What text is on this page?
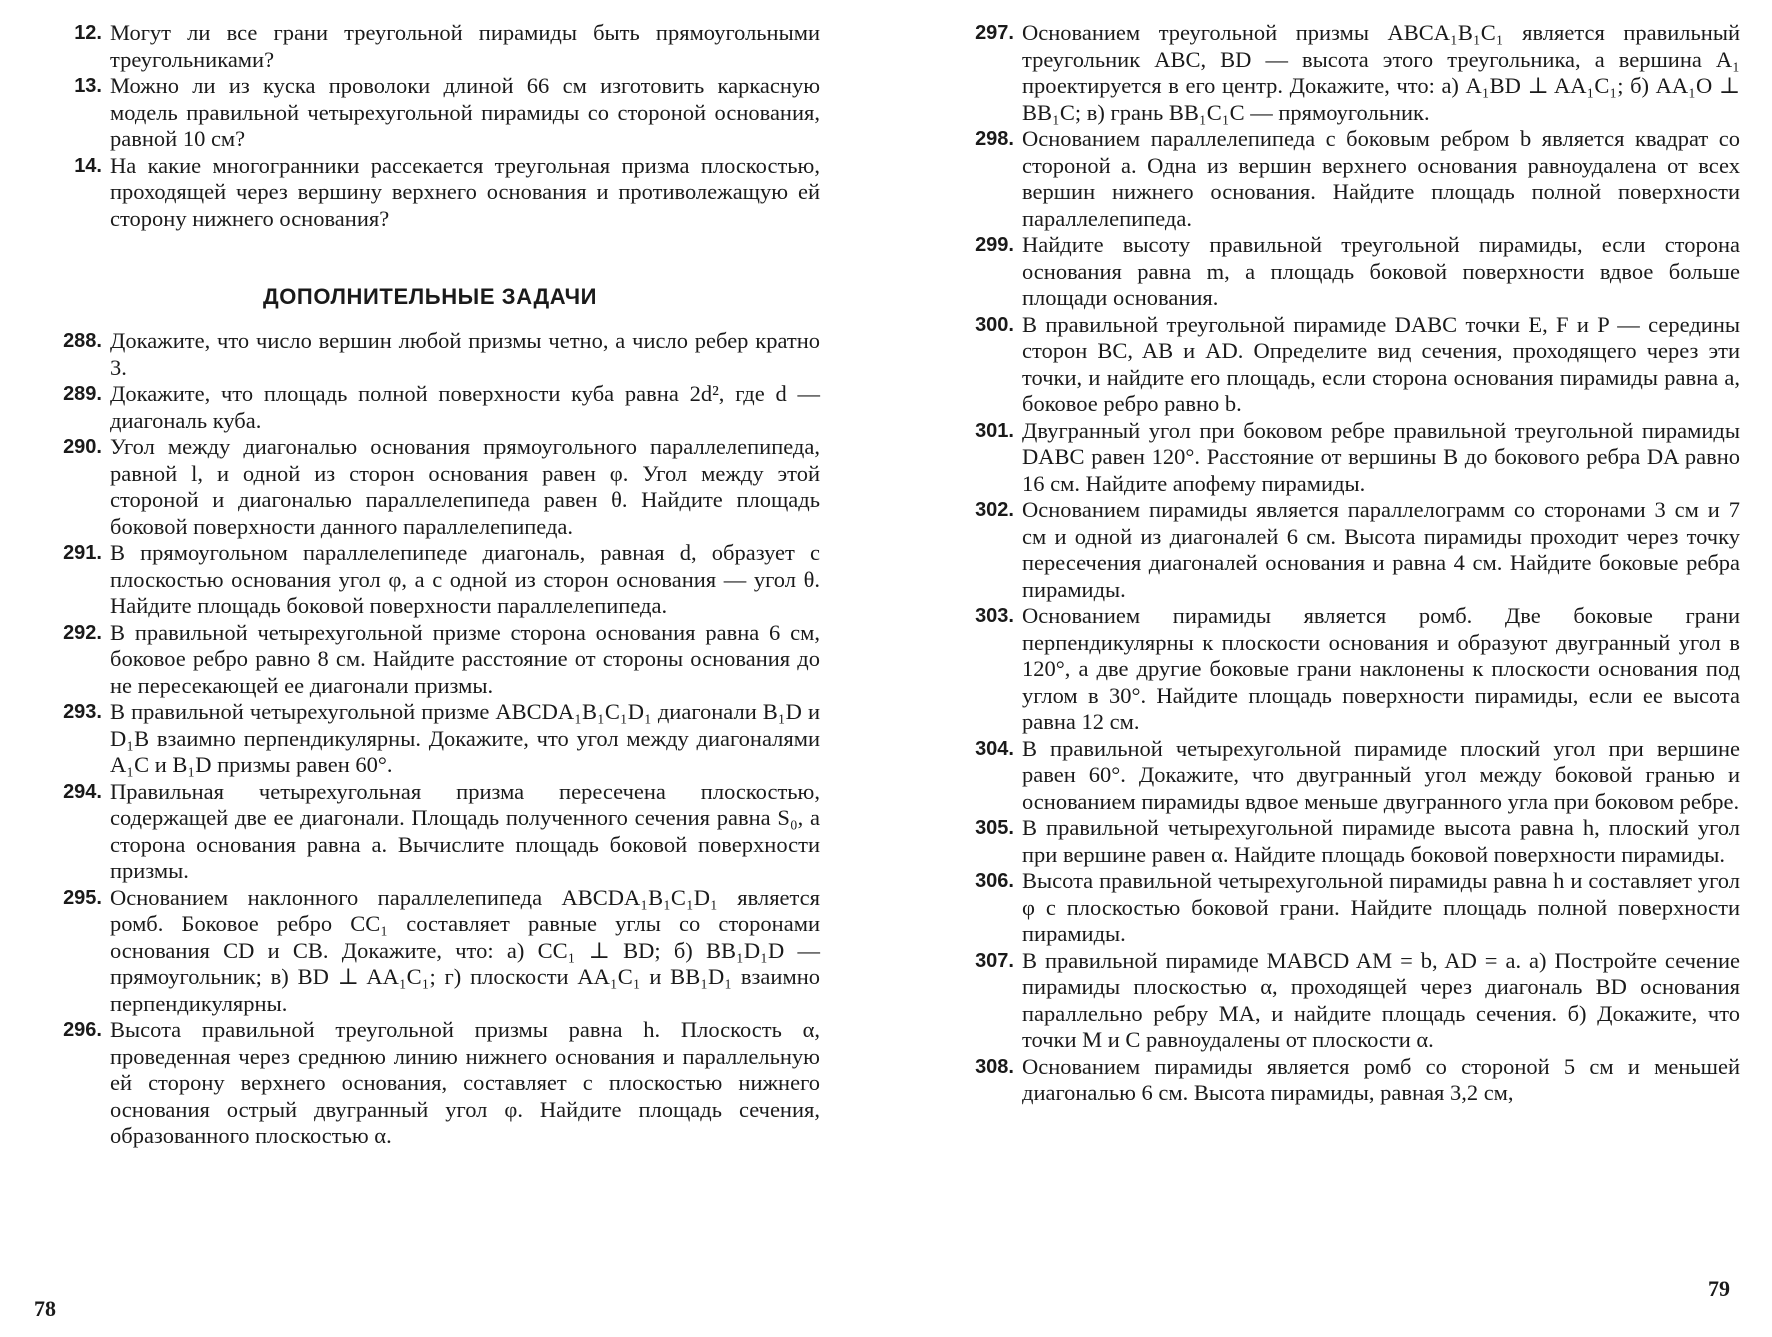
12. Могут ли все грани треугольной пирамиды быть прямоугольными треугольниками?
13. Можно ли из куска проволоки длиной 66 см изготовить каркасную модель правильной четырехугольной пирамиды со стороной основания, равной 10 см?
14. На какие многогранники рассекается треугольная призма плоскостью, проходящей через вершину верхнего основания и противолежащую ей сторону нижнего основания?
ДОПОЛНИТЕЛЬНЫЕ ЗАДАЧИ
288. Докажите, что число вершин любой призмы четно, а число ребер кратно 3.
289. Докажите, что площадь полной поверхности куба равна 2d², где d — диагональ куба.
290. Угол между диагональю основания прямоугольного параллелепипеда, равной l, и одной из сторон основания равен φ. Угол между этой стороной и диагональю параллелепипеда равен θ. Найдите площадь боковой поверхности данного параллелепипеда.
291. В прямоугольном параллелепипеде диагональ, равная d, образует с плоскостью основания угол φ, а с одной из сторон основания — угол θ. Найдите площадь боковой поверхности параллелепипеда.
292. В правильной четырехугольной призме сторона основания равна 6 см, боковое ребро равно 8 см. Найдите расстояние от стороны основания до не пересекающей ее диагонали призмы.
293. В правильной четырехугольной призме ABCDA₁B₁C₁D₁ диагонали B₁D и D₁B взаимно перпендикулярны. Докажите, что угол между диагоналями A₁C и B₁D призмы равен 60°.
294. Правильная четырехугольная призма пересечена плоскостью, содержащей две ее диагонали. Площадь полученного сечения равна S₀, а сторона основания равна a. Вычислите площадь боковой поверхности призмы.
295. Основанием наклонного параллелепипеда ABCDA₁B₁C₁D₁ является ромб. Боковое ребро CC₁ составляет равные углы со сторонами основания CD и CB. Докажите, что: а) CC₁ ⊥ BD; б) BB₁D₁D — прямоугольник; в) BD ⊥ AA₁C₁; г) плоскости AA₁C₁ и BB₁D₁ взаимно перпендикулярны.
296. Высота правильной треугольной призмы равна h. Плоскость α, проведенная через среднюю линию нижнего основания и параллельную ей сторону верхнего основания, составляет с плоскостью нижнего основания острый двугранный угол φ. Найдите площадь сечения, образованного плоскостью α.
78
297. Основанием треугольной призмы ABCA₁B₁C₁ является правильный треугольник ABC, BD — высота этого треугольника, а вершина A₁ проектируется в его центр. Докажите, что: а) A₁BD ⊥ AA₁C₁; б) AA₁O ⊥ BB₁C; в) грань BB₁C₁C — прямоугольник.
298. Основанием параллелепипеда с боковым ребром b является квадрат со стороной a. Одна из вершин верхнего основания равноудалена от всех вершин нижнего основания. Найдите площадь полной поверхности параллелепипеда.
299. Найдите высоту правильной треугольной пирамиды, если сторона основания равна m, а площадь боковой поверхности вдвое больше площади основания.
300. В правильной треугольной пирамиде DABC точки E, F и P — середины сторон BC, AB и AD. Определите вид сечения, проходящего через эти точки, и найдите его площадь, если сторона основания пирамиды равна a, боковое ребро равно b.
301. Двугранный угол при боковом ребре правильной треугольной пирамиды DABC равен 120°. Расстояние от вершины B до бокового ребра DA равно 16 см. Найдите апофему пирамиды.
302. Основанием пирамиды является параллелограмм со сторонами 3 см и 7 см и одной из диагоналей 6 см. Высота пирамиды проходит через точку пересечения диагоналей основания и равна 4 см. Найдите боковые ребра пирамиды.
303. Основанием пирамиды является ромб. Две боковые грани перпендикулярны к плоскости основания и образуют двугранный угол в 120°, а две другие боковые грани наклонены к плоскости основания под углом в 30°. Найдите площадь поверхности пирамиды, если ее высота равна 12 см.
304. В правильной четырехугольной пирамиде плоский угол при вершине равен 60°. Докажите, что двугранный угол между боковой гранью и основанием пирамиды вдвое меньше двугранного угла при боковом ребре.
305. В правильной четырехугольной пирамиде высота равна h, плоский угол при вершине равен α. Найдите площадь боковой поверхности пирамиды.
306. Высота правильной четырехугольной пирамиды равна h и составляет угол φ с плоскостью боковой грани. Найдите площадь полной поверхности пирамиды.
307. В правильной пирамиде MABCD AM = b, AD = a. а) Постройте сечение пирамиды плоскостью α, проходящей через диагональ BD основания параллельно ребру MA, и найдите площадь сечения. б) Докажите, что точки M и C равноудалены от плоскости α.
308. Основанием пирамиды является ромб со стороной 5 см и меньшей диагональю 6 см. Высота пирамиды, равная 3,2 см,
79
